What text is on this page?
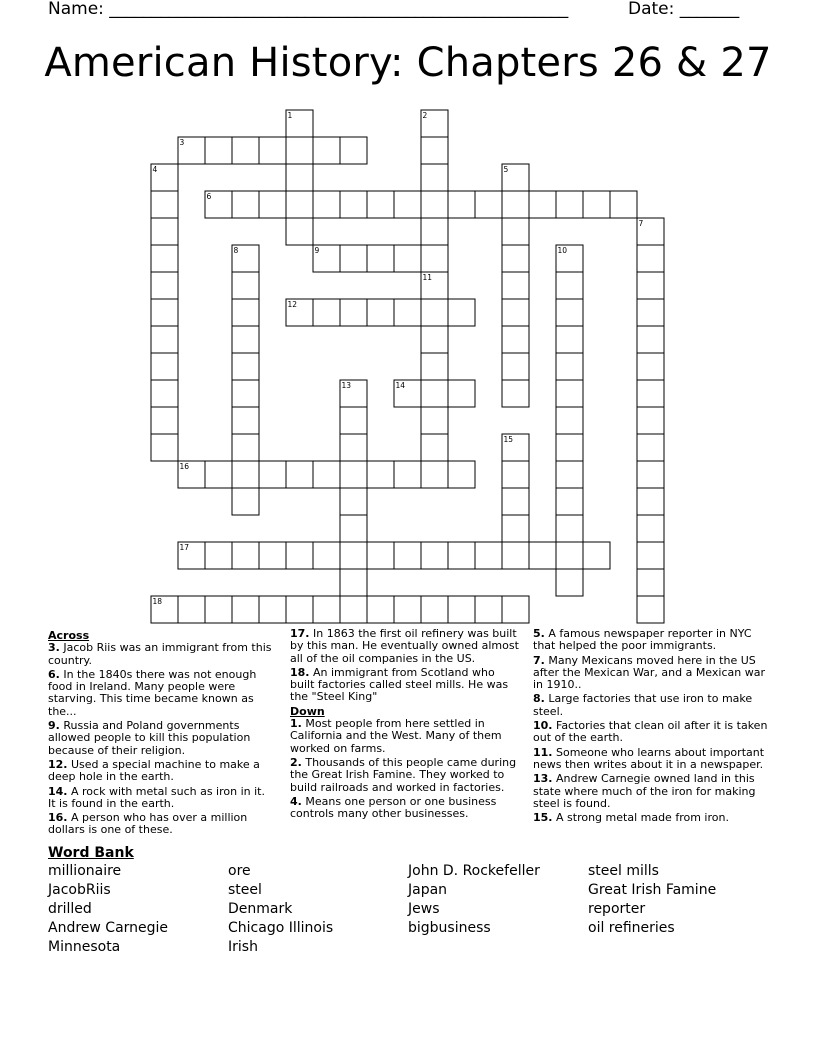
Name: ______________________________________________________	Date: _______
American History: Chapters 26 & 27
3
6
9
12
14
16
17
18
1	2
4	5
7
8	10
11
13
15
Across
3. Jacob Riis was an immigrant from this country.
6. In the 1840s there was not enough food in Ireland. Many people were starving. This time became known as the...
9. Russia and Poland governments allowed people to kill this population because of their religion.
12. Used a special machine to make a deep hole in the earth.
14. A rock with metal such as iron in it. It is found in the earth.
16. A person who has over a million dollars is one of these.
17. In 1863 the first oil refinery was built by this man. He eventually owned almost all of the oil companies in the US.
18. An immigrant from Scotland who built factories called steel mills. He was the "Steel King"
Down
1. Most people from here settled in California and the West. Many of them worked on farms.
2. Thousands of this people came during the Great Irish Famine. They worked to build railroads and worked in factories.
4. Means one person or one business controls many other businesses.
5. A famous newspaper reporter in NYC that helped the poor immigrants.
7. Many Mexicans moved here in the US after the Mexican War, and a Mexican war in 1910..
8. Large factories that use iron to make steel.
10. Factories that clean oil after it is taken out of the earth.
11. Someone who learns about important news then writes about it in a newspaper.
13. Andrew Carnegie owned land in this state where much of the iron for making steel is found.
15. A strong metal made from iron.
Word Bank
millionaire
JacobRiis
drilled
Andrew Carnegie
Minnesota
ore
steel
Denmark
Chicago Illinois
Irish
John D. Rockefeller
Japan
Jews
bigbusiness
steel mills
Great Irish Famine
reporter
oil refineries
